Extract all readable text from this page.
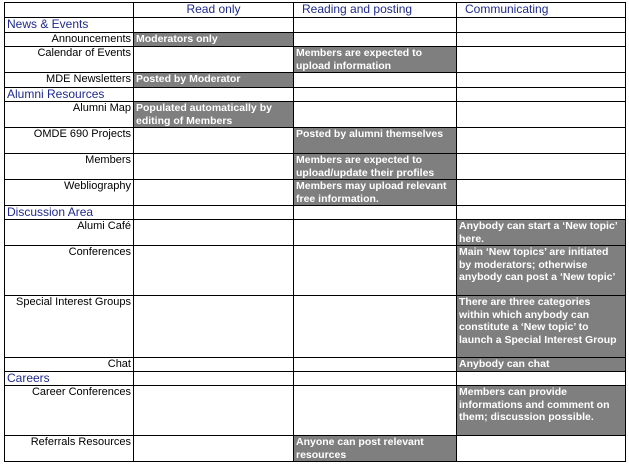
	Read only	Reading and posting	Communicating
News & Events			
Announcements	Moderators only		
Calendar of Events		Members are expected to upload information	
MDE Newsletters	Posted by Moderator		
Alumni Resources			
Alumni Map	Populated automatically by editing of Members		
OMDE 690 Projects		Posted by alumni themselves	
Members		Members are expected to upload/update their profiles	
Webliography		Members may upload relevant free information.	
Discussion Area			
Alumi Café			Anybody can start a ‘New topic’ here.
Conferences			Main ‘New topics’ are initiated by moderators; otherwise anybody can post a ‘New topic’
Special Interest Groups			There are three categories within which anybody can constitute a ‘New topic’ to launch a Special Interest Group
Chat			Anybody can chat
Careers			
Career Conferences			Members can provide informations and comment on them; discussion possible.
Referrals Resources		Anyone can post relevant resources	
